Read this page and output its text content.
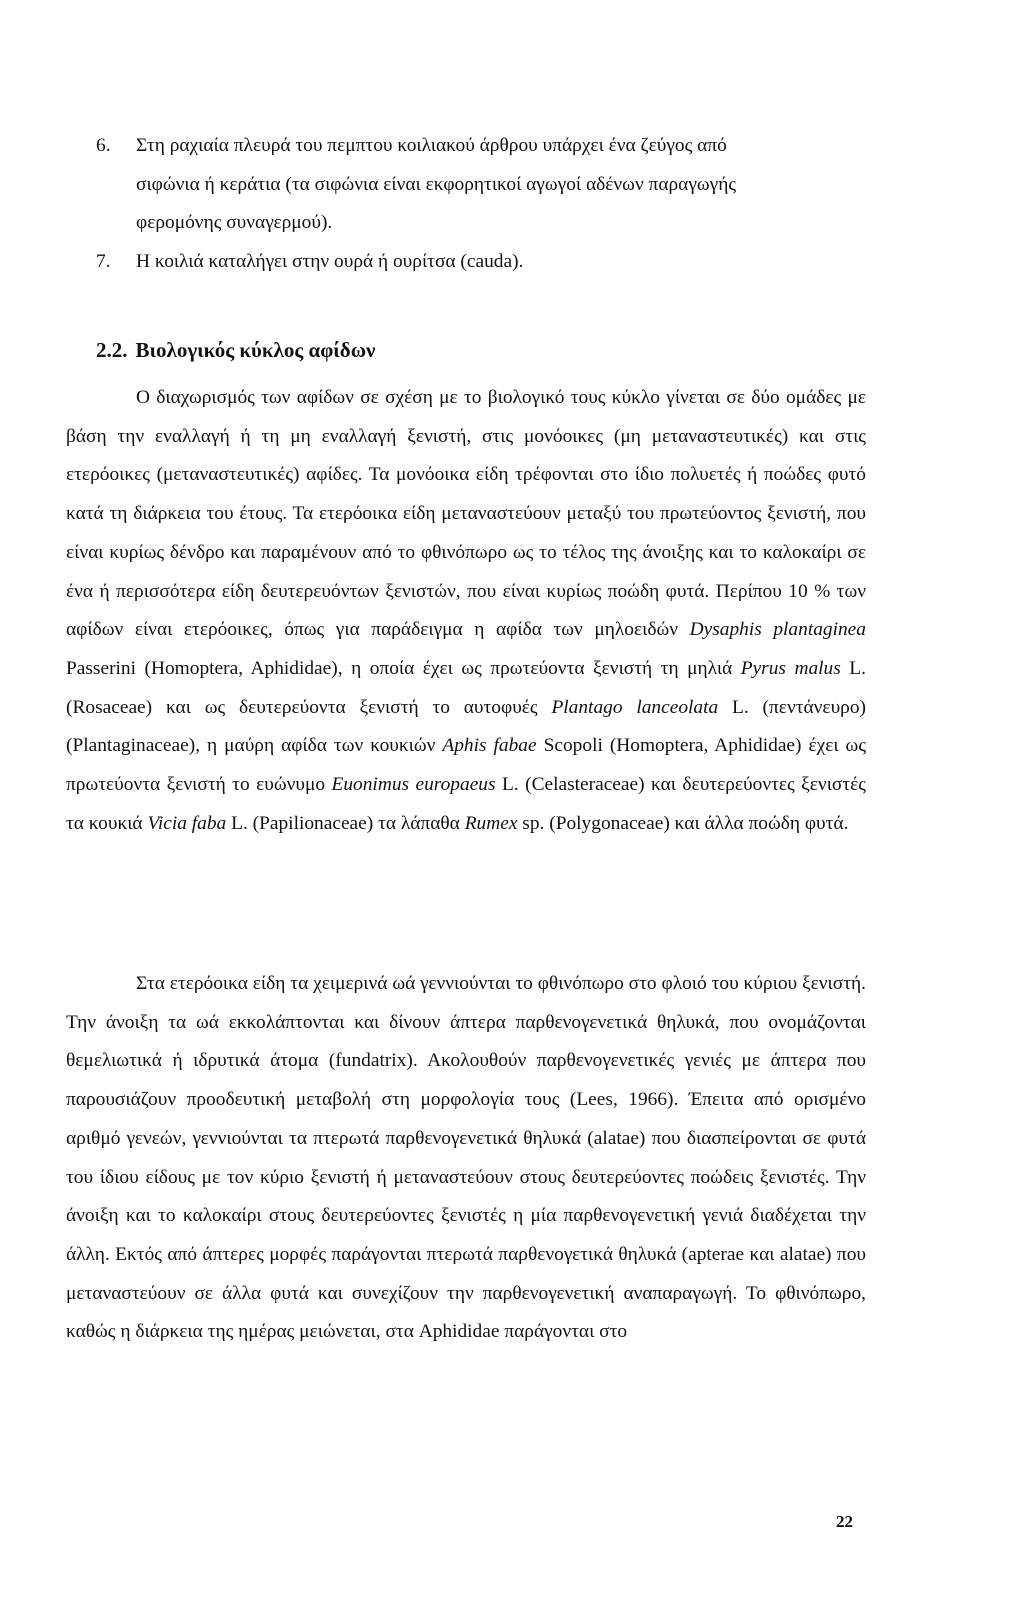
6. Στη ραχιαία πλευρά του πεμπτου κοιλιακού άρθρου υπάρχει ένα ζεύγος από
σιφώνια ή κεράτια (τα σιφώνια είναι εκφορητικοί αγωγοί αδένων παραγωγής
φερομόνης συναγερμού).
7. Η κοιλιά καταλήγει στην ουρά ή ουρίτσα (cauda).
2.2. Βιολογικός κύκλος αφίδων

Ο διαχωρισμός των αφίδων σε σχέση με το βιολογικό τους κύκλο γίνεται σε δύο ομάδες με βάση την εναλλαγή ή τη μη εναλλαγή ξενιστή, στις μονόοικες (μη μεταναστευτικές) και στις ετερόοικες (μεταναστευτικές) αφίδες. Τα μονόοικα είδη τρέφονται στο ίδιο πολυετές ή ποώδες φυτό κατά τη διάρκεια του έτους. Τα ετερόοικα είδη μεταναστεύουν μεταξύ του πρωτεύοντος ξενιστή, που είναι κυρίως δένδρο και παραμένουν από το φθινόπωρο ως το τέλος της άνοιξης και το καλοκαίρι σε ένα ή περισσότερα είδη δευτερευόντων ξενιστών, που είναι κυρίως ποώδη φυτά. Περίπου 10 % των αφίδων είναι ετερόοικες, όπως για παράδειγμα η αφίδα των μηλοειδών Dysaphis plantaginea Passerini (Homoptera, Aphididae), η οποία έχει ως πρωτεύοντα ξενιστή τη μηλιά Pyrus malus L. (Rosaceae) και ως δευτερεύοντα ξενιστή το αυτοφυές Plantago lanceolata L. (πεντάνευρο) (Plantaginaceae), η μαύρη αφίδα των κουκιών Aphis fabae Scopoli (Homoptera, Aphididae) έχει ως πρωτεύοντα ξενιστή το ευώνυμο Euonimus europaeus L. (Celasteraceae) και δευτερεύοντες ξενιστές τα κουκιά Vicia faba L. (Papilionaceae) τα λάπαθα Rumex sp. (Polygonaceae) και άλλα ποώδη φυτά.

Στα ετερόοικα είδη τα χειμερινά ωά γεννιούνται το φθινόπωρο στο φλοιό του κύριου ξενιστή. Την άνοιξη τα ωά εκκολάπτονται και δίνουν άπτερα παρθενογενετικά θηλυκά, που ονομάζονται θεμελιωτικά ή ιδρυτικά άτομα (fundatrix). Ακολουθούν παρθενογενετικές γενιές με άπτερα που παρουσιάζουν προοδευτική μεταβολή στη μορφολογία τους (Lees, 1966). Έπειτα από ορισμένο αριθμό γενεών, γεννιούνται τα πτερωτά παρθενογενετικά θηλυκά (alatae) που διασπείρονται σε φυτά του ίδιου είδους με τον κύριο ξενιστή ή μεταναστεύουν στους δευτερεύοντες ποώδεις ξενιστές. Την άνοιξη και το καλοκαίρι στους δευτερεύοντες ξενιστές η μία παρθενογενετική γενιά διαδέχεται την άλλη. Εκτός από άπτερες μορφές παράγονται πτερωτά παρθενογετικά θηλυκά (apterae και alatae) που μεταναστεύουν σε άλλα φυτά και συνεχίζουν την παρθενογενετική αναπαραγωγή. Το φθινόπωρο, καθώς η διάρκεια της ημέρας μειώνεται, στα Aphididae παράγονται στο

22
